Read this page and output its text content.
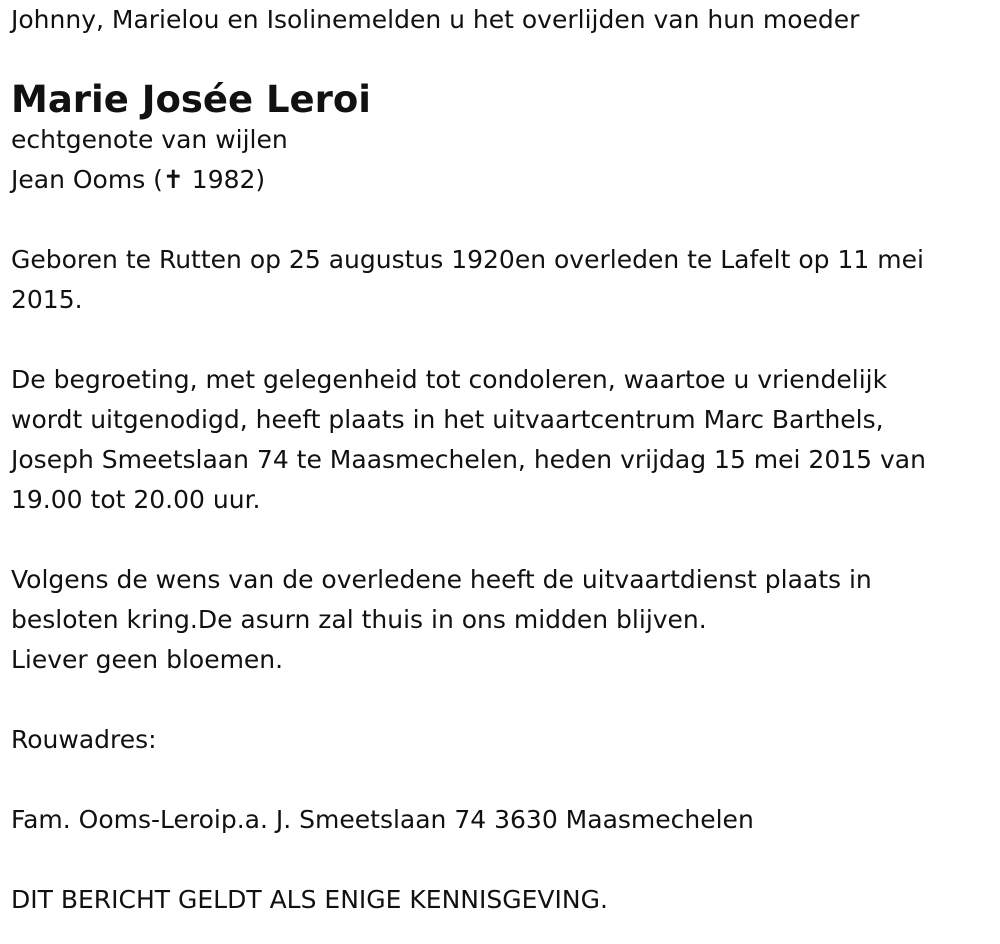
Johnny, Marielou en Isolinemelden u het overlijden van hun moeder

Marie Josée Leroi

echtgenote van wijlen

Jean Ooms (✝ 1982)

Geboren te Rutten op 25 augustus 1920en overleden te Lafelt op 11 mei

2015.

De begroeting, met gelegenheid tot condoleren, waartoe u vriendelijk

wordt uitgenodigd, heeft plaats in het uitvaartcentrum Marc Barthels,

Joseph Smeetslaan 74 te Maasmechelen, heden vrijdag 15 mei 2015 van

19.00 tot 20.00 uur.

Volgens de wens van de overledene heeft de uitvaartdienst plaats in

besloten kring.De asurn zal thuis in ons midden blijven.

Liever geen bloemen.

Rouwadres:

Fam. Ooms-Leroip.a. J. Smeetslaan 74 3630 Maasmechelen

DIT BERICHT GELDT ALS ENIGE KENNISGEVING.
